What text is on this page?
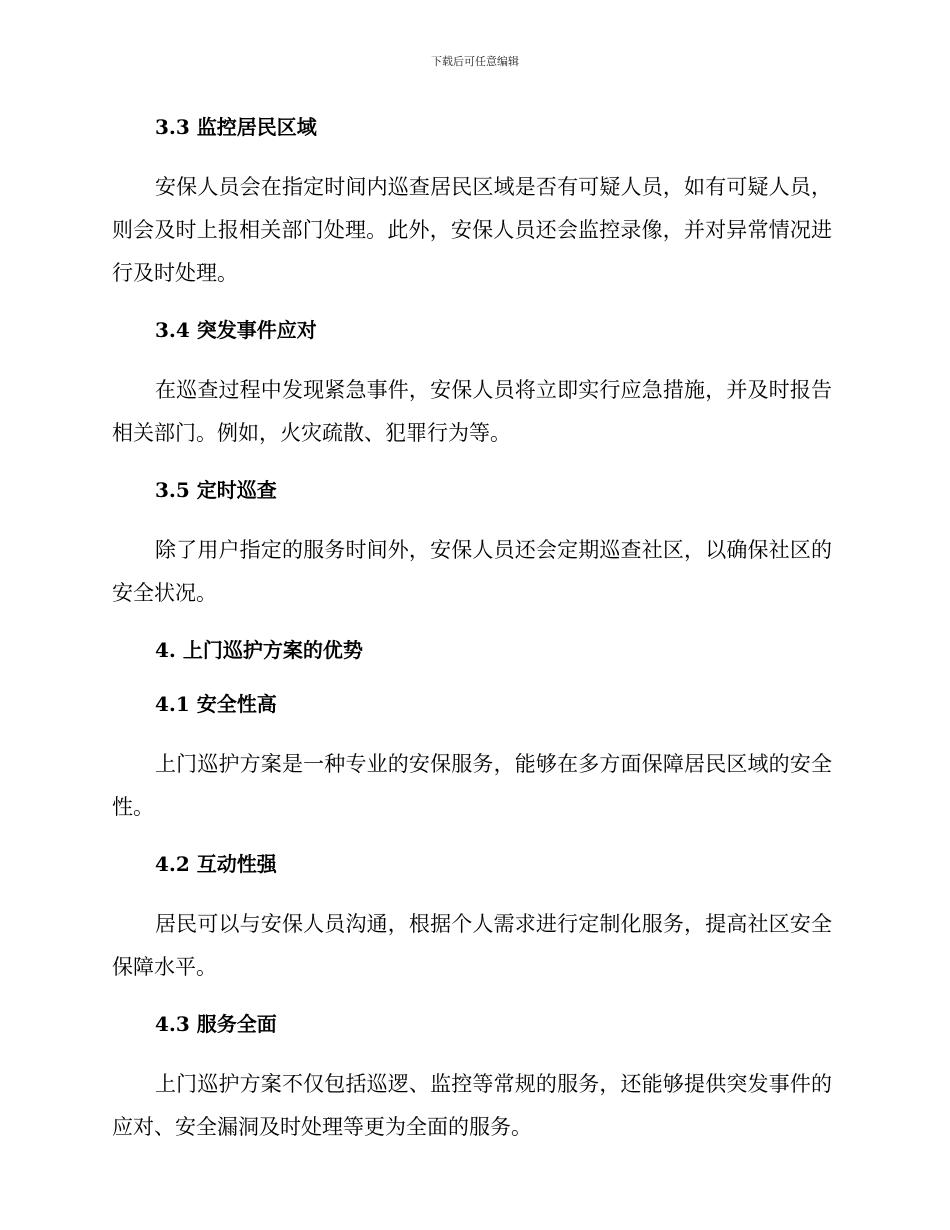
下载后可任意编辑
3.3 监控居民区域

安保人员会在指定时间内巡查居民区域是否有可疑人员，如有可疑人员，则会及时上报相关部门处理。此外，安保人员还会监控录像，并对异常情况进行及时处理。

3.4 突发事件应对

在巡查过程中发现紧急事件，安保人员将立即实行应急措施，并及时报告相关部门。例如，火灾疏散、犯罪行为等。

3.5 定时巡查

除了用户指定的服务时间外，安保人员还会定期巡查社区，以确保社区的安全状况。

4. 上门巡护方案的优势
4.1 安全性高

上门巡护方案是一种专业的安保服务，能够在多方面保障居民区域的安全性。

4.2 互动性强

居民可以与安保人员沟通，根据个人需求进行定制化服务，提高社区安全保障水平。

4.3 服务全面

上门巡护方案不仅包括巡逻、监控等常规的服务，还能够提供突发事件的应对、安全漏洞及时处理等更为全面的服务。
